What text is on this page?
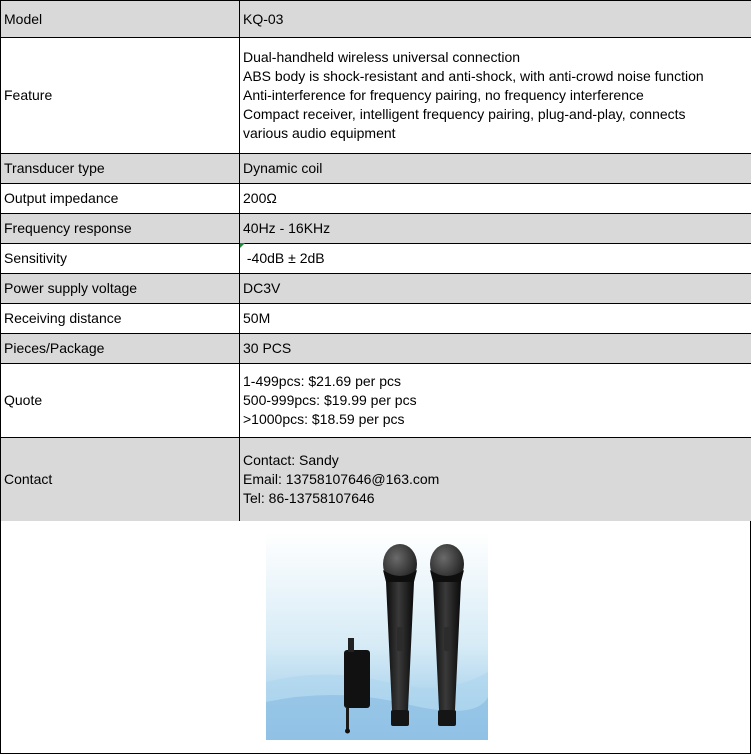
Model	KQ-03
Feature	Dual-handheld wireless universal connection
ABS body is shock-resistant and anti-shock, with anti-crowd noise function
Anti-interference for frequency pairing, no frequency interference
Compact receiver, intelligent frequency pairing, plug-and-play, connects
various audio equipment

Transducer type	Dynamic coil
Output impedance	200Ω
Frequency response	40Hz - 16KHz
Sensitivity	-40dB ± 2dB
Power supply voltage	DC3V
Receiving distance	50M
Pieces/Package	30 PCS
Quote	1-499pcs: $21.69 per pcs
500-999pcs: $19.99 per pcs
>1000pcs: $18.59 per pcs

Contact	Contact: Sandy
Email: 13758107646@163.com
Tel: 86-13758107646
